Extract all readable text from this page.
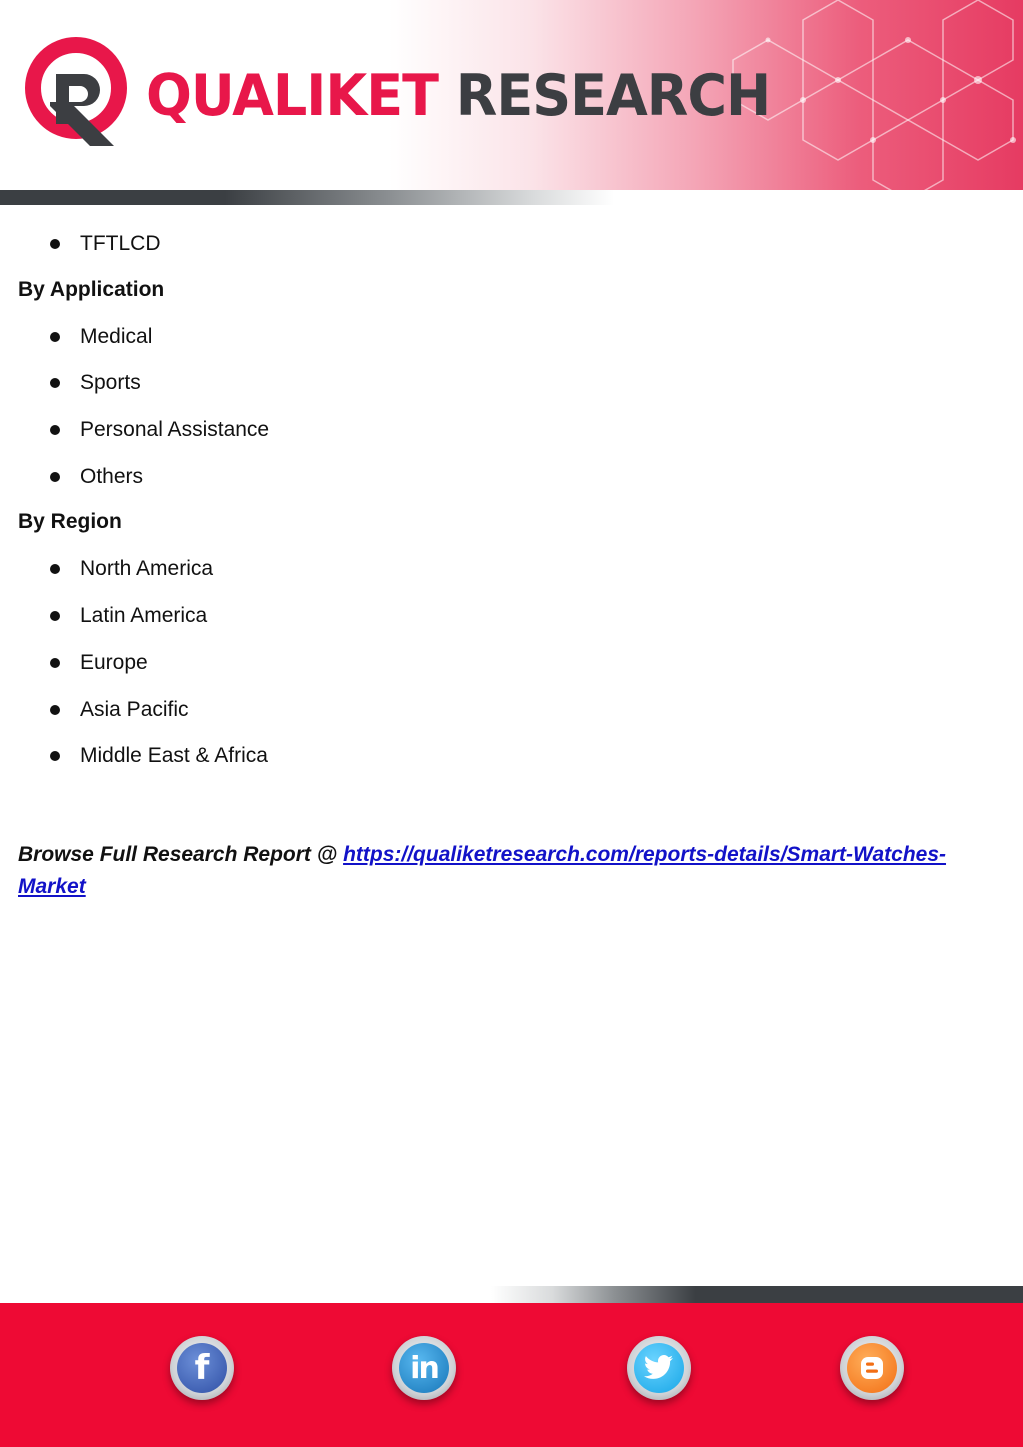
QUALIKET RESEARCH
TFTLCD
By Application
Medical
Sports
Personal Assistance
Others
By Region
North America
Latin America
Europe
Asia Pacific
Middle East & Africa
Browse Full Research Report @ https://qualiketresearch.com/reports-details/Smart-Watches-Market
f	in
